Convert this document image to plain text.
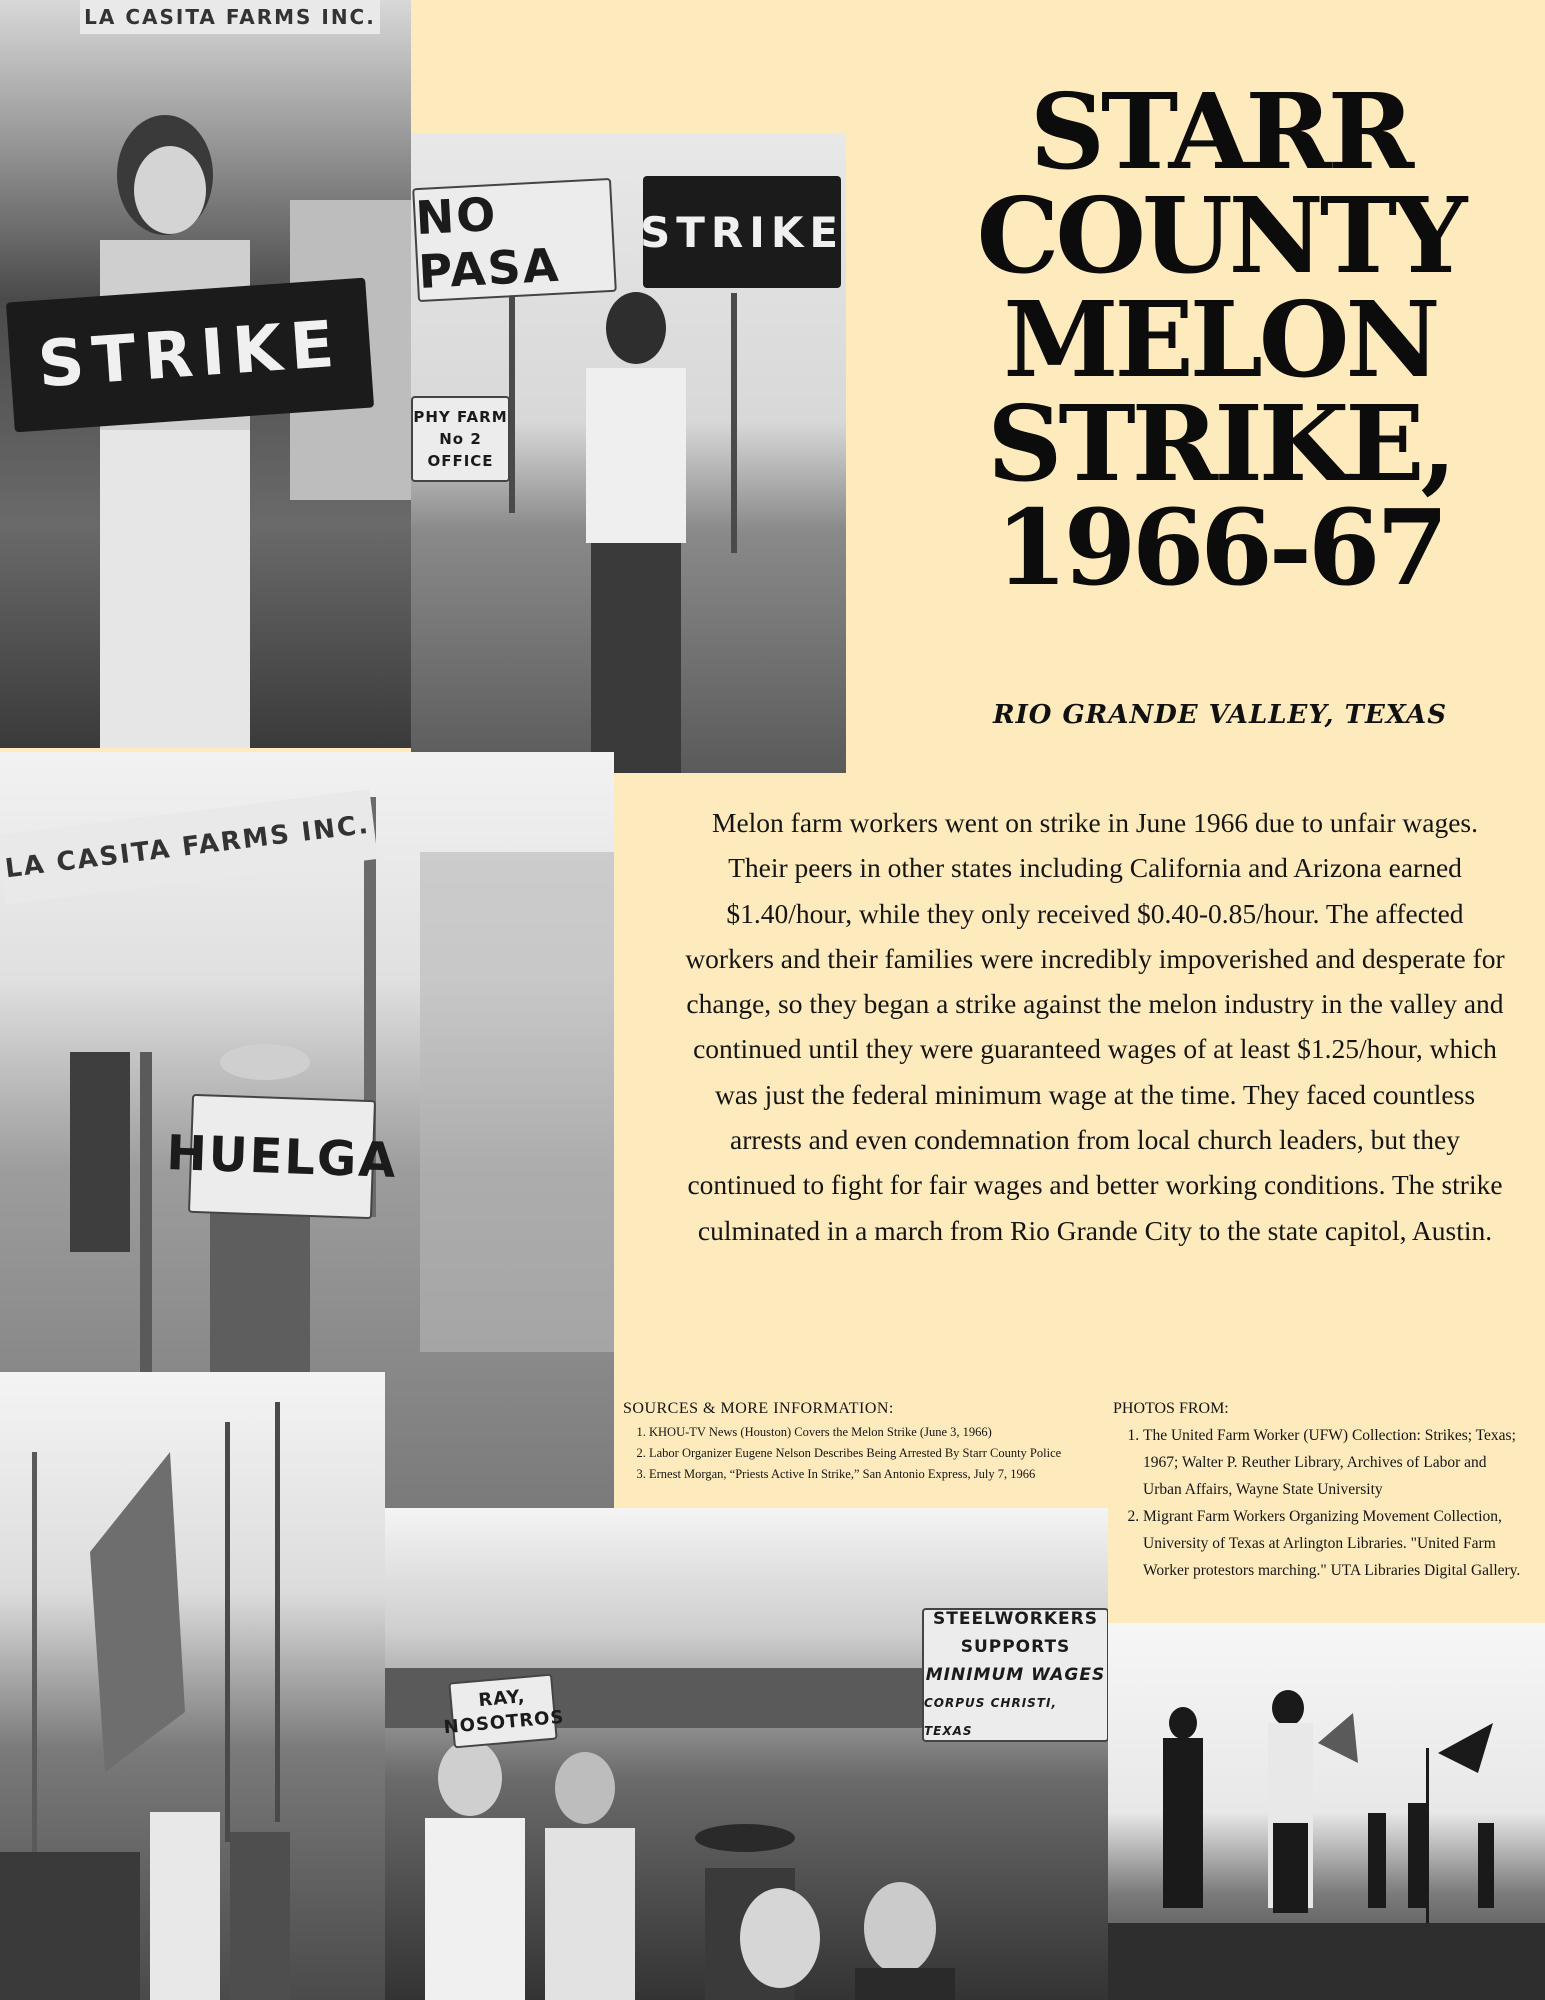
LA CASITA FARMS INC.
STRIKE
NO PASA
STRIKE
PHY FARM
No 2
OFFICE
LA CASITA FARMS INC.
HUELGA
STEELWORKERS
SUPPORTS
MINIMUM WAGES
CORPUS CHRISTI, TEXAS
RAY,
NOSOTROS
STARR
COUNTY
MELON
STRIKE,
1966-67
RIO GRANDE VALLEY, TEXAS

Melon farm workers went on strike in June 1966 due to unfair wages. Their peers in other states including California and Arizona earned $1.40/hour, while they only received $0.40-0.85/hour. The affected workers and their families were incredibly impoverished and desperate for change, so they began a strike against the melon industry in the valley and continued until they were guaranteed wages of at least $1.25/hour, which was just the federal minimum wage at the time. They faced countless arrests and even condemnation from local church leaders, but they continued to fight for fair wages and better working conditions. The strike culminated in a march from Rio Grande City to the state capitol, Austin.

SOURCES & MORE INFORMATION:
1. KHOU-TV News (Houston) Covers the Melon Strike (June 3, 1966)
2. Labor Organizer Eugene Nelson Describes Being Arrested By Starr County Police
3. Ernest Morgan, “Priests Active In Strike,” San Antonio Express, July 7, 1966
PHOTOS FROM:
1. The United Farm Worker (UFW) Collection: Strikes; Texas; 1967; Walter P. Reuther Library, Archives of Labor and Urban Affairs, Wayne State University
2. Migrant Farm Workers Organizing Movement Collection, University of Texas at Arlington Libraries. "United Farm Worker protestors marching." UTA Libraries Digital Gallery.
